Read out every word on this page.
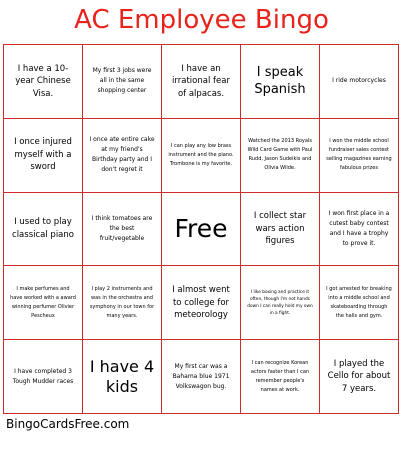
AC Employee Bingo
I have a 10-year Chinese Visa.
My first 3 jobs were all in the same shopping center
I have an irrational fear of alpacas.
I speak Spanish
I ride motorcycles
I once injured myself with a sword
I once ate entire cake at my friend's Birthday party and I don't regret it
I can play any low brass instrument and the piano. Trombone is my favorite.
Watched the 2013 Royals Wild Card Game with Paul Rudd, Jason Sudeikis and Olivia Wilde.
I won the middle school fundraiser sales contest selling magazines earning fabulous prizes
I used to play classical piano
I think tomatoes are the best fruit/vegetable	Free	I collect star wars action figures
I won first place in a cutest baby contest and I have a trophy to prove it.
I make perfumes and have worked with a award winning perfumer Olivier Pescheux
I play 2 instruments and was in the orchestra and symphony in our town for many years.
I almost went to college for meteorology
I like boxing and practice it often, though I'm not hands down I can really hold my own in a fight.
I got arrested for breaking into a middle school and skateboarding through the halls and gym.
I have completed 3 Tough Mudder races
I have 4 kids
My first car was a Bahama blue 1971 Volkswagon bug.
I can recognize Korean actors faster than I can remember people's names at work.
I played the Cello for about 7 years.
BingoCardsFree.com
